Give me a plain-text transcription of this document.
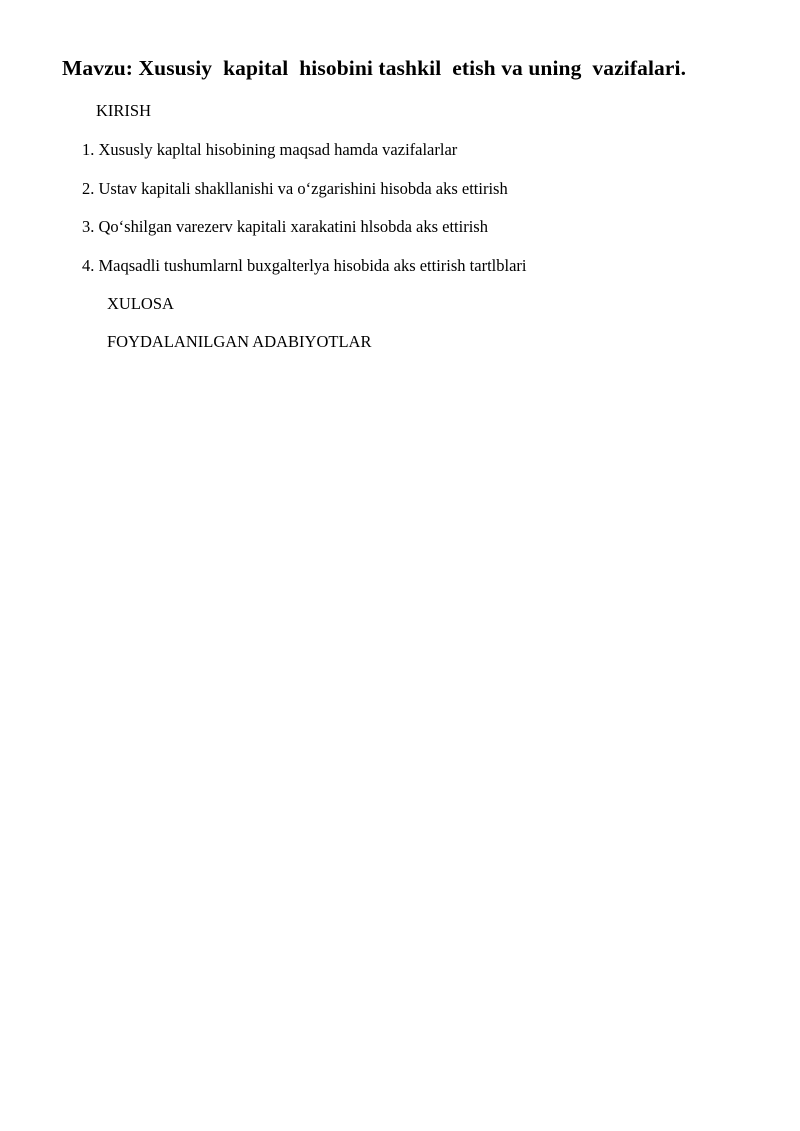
Mavzu: Xususiy  kapital  hisobini tashkil  etish va uning  vazifalari.

KIRISH

1. Xususly kapltal hisobining maqsad hamda vazifalarlar

2. Ustav kapitali shakllanishi va o‘zgarishini hisobda aks ettirish

3. Qo‘shilgan varezerv kapitali xarakatini hlsobda aks ettirish

4. Maqsadli tushumlarnl buxgalterlya hisobida aks ettirish tartlblari

XULOSA

FOYDALANILGAN ADABIYOTLAR
